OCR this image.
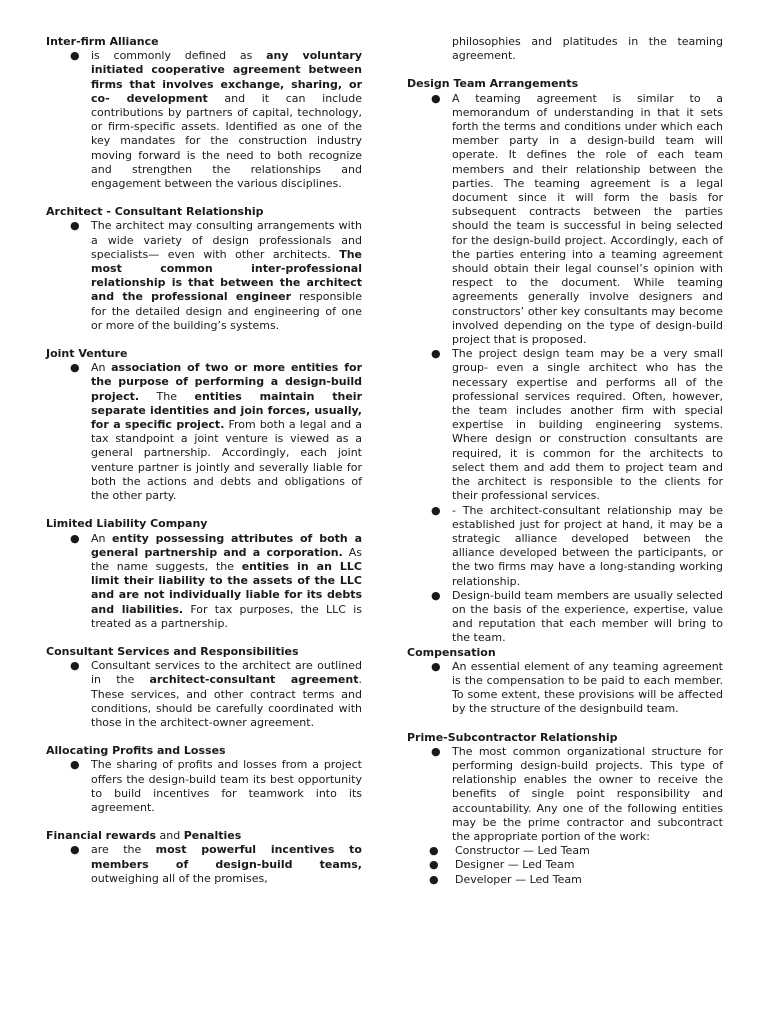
Inter-firm Alliance
● is commonly defined as any voluntary initiated cooperative agreement between firms that involves exchange, sharing, or co- development and it can include contributions by partners of capital, technology, or firm-specific assets. Identified as one of the key mandates for the construction industry moving forward is the need to both recognize and strengthen the relationships and engagement between the various disciplines.
Architect - Consultant Relationship
● The architect may consulting arrangements with a wide variety of design professionals and specialists— even with other architects. The most common inter-professional relationship is that between the architect and the professional engineer responsible for the detailed design and engineering of one or more of the building’s systems.
Joint Venture
● An association of two or more entities for the purpose of performing a design-build project. The entities maintain their separate identities and join forces, usually, for a specific project. From both a legal and a tax standpoint a joint venture is viewed as a general partnership. Accordingly, each joint venture partner is jointly and severally liable for both the actions and debts and obligations of the other party.
Limited Liability Company
● An entity possessing attributes of both a general partnership and a corporation. As the name suggests, the entities in an LLC limit their liability to the assets of the LLC and are not individually liable for its debts and liabilities. For tax purposes, the LLC is treated as a partnership.
Consultant Services and Responsibilities
● Consultant services to the architect are outlined in the architect-consultant agreement. These services, and other contract terms and conditions, should be carefully coordinated with those in the architect-owner agreement.
Allocating Profits and Losses
● The sharing of profits and losses from a project offers the design-build team its best opportunity to build incentives for teamwork into its agreement.
Financial rewards and Penalties
● are the most powerful incentives to members of design-build teams, outweighing all of the promises,
philosophies and platitudes in the teaming agreement.
Design Team Arrangements
● A teaming agreement is similar to a memorandum of understanding in that it sets forth the terms and conditions under which each member party in a design-build team will operate. It defines the role of each team members and their relationship between the parties. The teaming agreement is a legal document since it will form the basis for subsequent contracts between the parties should the team is successful in being selected for the design-build project. Accordingly, each of the parties entering into a teaming agreement should obtain their legal counsel’s opinion with respect to the document. While teaming agreements generally involve designers and constructors’ other key consultants may become involved depending on the type of design-build project that is proposed.
● The project design team may be a very small group- even a single architect who has the necessary expertise and performs all of the professional services required. Often, however, the team includes another firm with special expertise in building engineering systems. Where design or construction consultants are required, it is common for the architects to select them and add them to project team and the architect is responsible to the clients for their professional services.
● - The architect-consultant relationship may be established just for project at hand, it may be a strategic alliance developed between the alliance developed between the participants, or the two firms may have a long-standing working relationship.
● Design-build team members are usually selected on the basis of the experience, expertise, value and reputation that each member will bring to the team.
Compensation
● An essential element of any teaming agreement is the compensation to be paid to each member. To some extent, these provisions will be affected by the structure of the designbuild team.
Prime-Subcontractor Relationship
● The most common organizational structure for performing design-build projects. This type of relationship enables the owner to receive the benefits of single point responsibility and accountability. Any one of the following entities may be the prime contractor and subcontract the appropriate portion of the work:
● Constructor — Led Team
● Designer — Led Team
● Developer — Led Team
